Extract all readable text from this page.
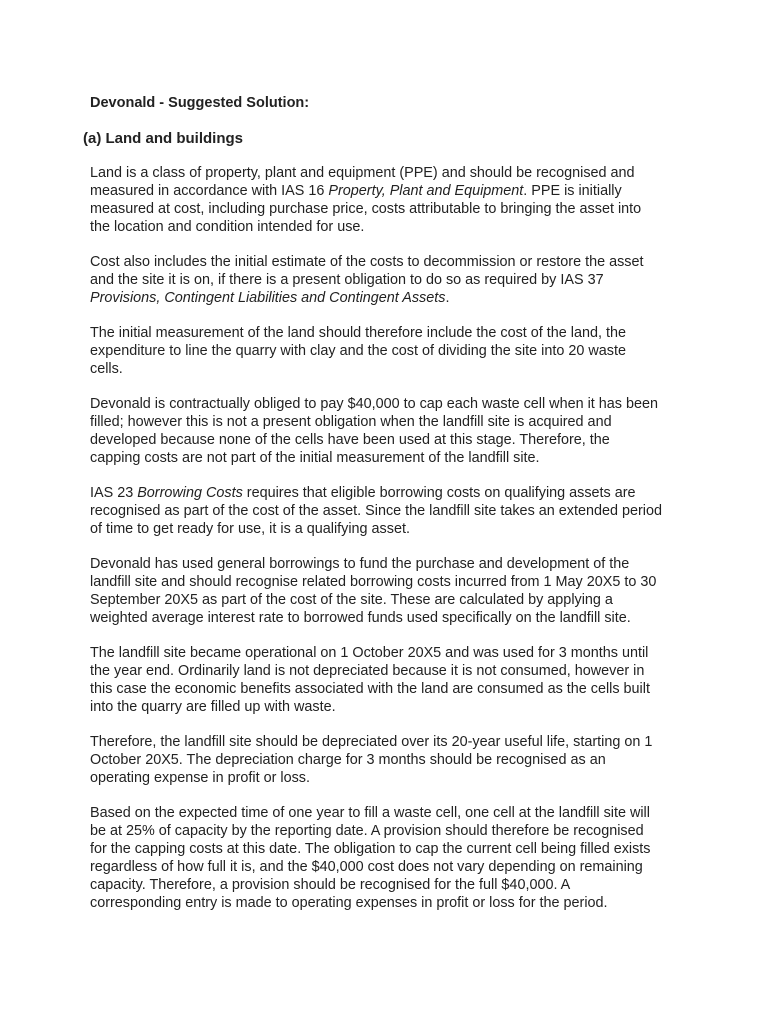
Devonald - Suggested Solution:
(a) Land and buildings

Land is a class of property, plant and equipment (PPE) and should be recognised and measured in accordance with IAS 16 Property, Plant and Equipment. PPE is initially measured at cost, including purchase price, costs attributable to bringing the asset into the location and condition intended for use.

Cost also includes the initial estimate of the costs to decommission or restore the asset and the site it is on, if there is a present obligation to do so as required by IAS 37 Provisions, Contingent Liabilities and Contingent Assets.

The initial measurement of the land should therefore include the cost of the land, the expenditure to line the quarry with clay and the cost of dividing the site into 20 waste cells.

Devonald is contractually obliged to pay $40,000 to cap each waste cell when it has been filled; however this is not a present obligation when the landfill site is acquired and developed because none of the cells have been used at this stage. Therefore, the capping costs are not part of the initial measurement of the landfill site.

IAS 23 Borrowing Costs requires that eligible borrowing costs on qualifying assets are recognised as part of the cost of the asset. Since the landfill site takes an extended period of time to get ready for use, it is a qualifying asset.

Devonald has used general borrowings to fund the purchase and development of the landfill site and should recognise related borrowing costs incurred from 1 May 20X5 to 30 September 20X5 as part of the cost of the site. These are calculated by applying a weighted average interest rate to borrowed funds used specifically on the landfill site.

The landfill site became operational on 1 October 20X5 and was used for 3 months until the year end. Ordinarily land is not depreciated because it is not consumed, however in this case the economic benefits associated with the land are consumed as the cells built into the quarry are filled up with waste.

Therefore, the landfill site should be depreciated over its 20-year useful life, starting on 1 October 20X5. The depreciation charge for 3 months should be recognised as an operating expense in profit or loss.

Based on the expected time of one year to fill a waste cell, one cell at the landfill site will be at 25% of capacity by the reporting date. A provision should therefore be recognised for the capping costs at this date. The obligation to cap the current cell being filled exists regardless of how full it is, and the $40,000 cost does not vary depending on remaining capacity. Therefore, a provision should be recognised for the full $40,000. A corresponding entry is made to operating expenses in profit or loss for the period.
